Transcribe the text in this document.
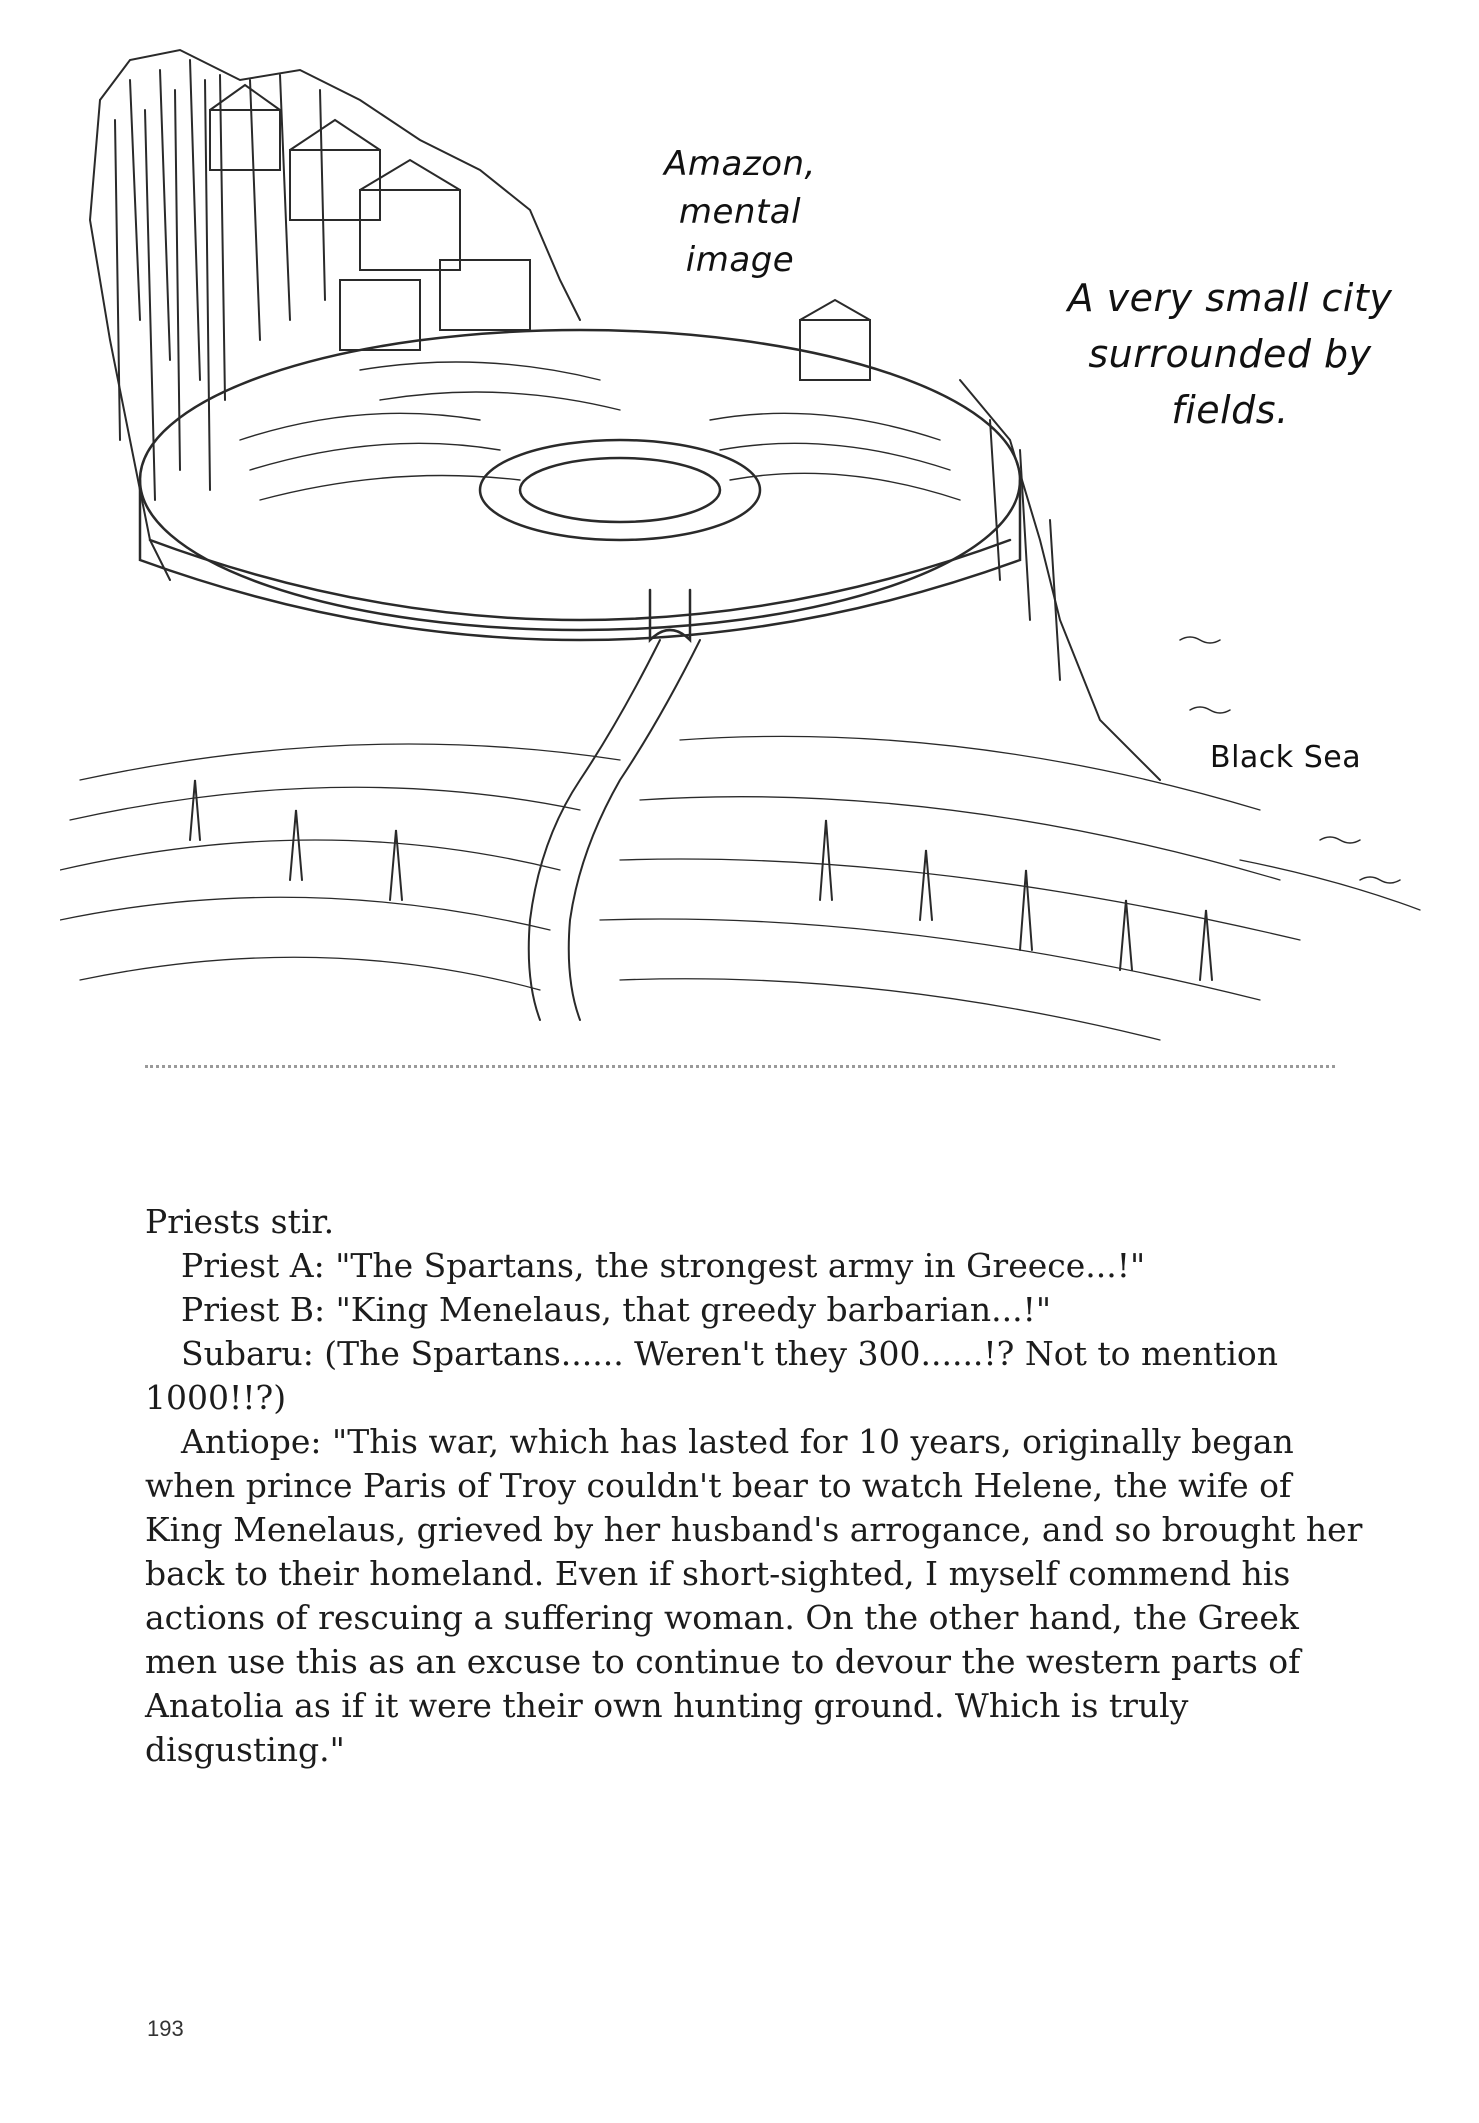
Amazon,
mental image
A very small city
surrounded by fields.
Black Sea

Priests stir.

Priest A: "The Spartans, the strongest army in Greece...!"

Priest B: "King Menelaus, that greedy barbarian...!"

Subaru: (The Spartans...... Weren't they 300......!? Not to mention 1000!!?)

Antiope: "This war, which has lasted for 10 years, originally began when prince Paris of Troy couldn't bear to watch Helene, the wife of King Menelaus, grieved by her husband's arrogance, and so brought her back to their homeland. Even if short-sighted, I myself commend his actions of rescuing a suffering woman. On the other hand, the Greek men use this as an excuse to continue to devour the western parts of Anatolia as if it were their own hunting ground. Which is truly disgusting."

193
